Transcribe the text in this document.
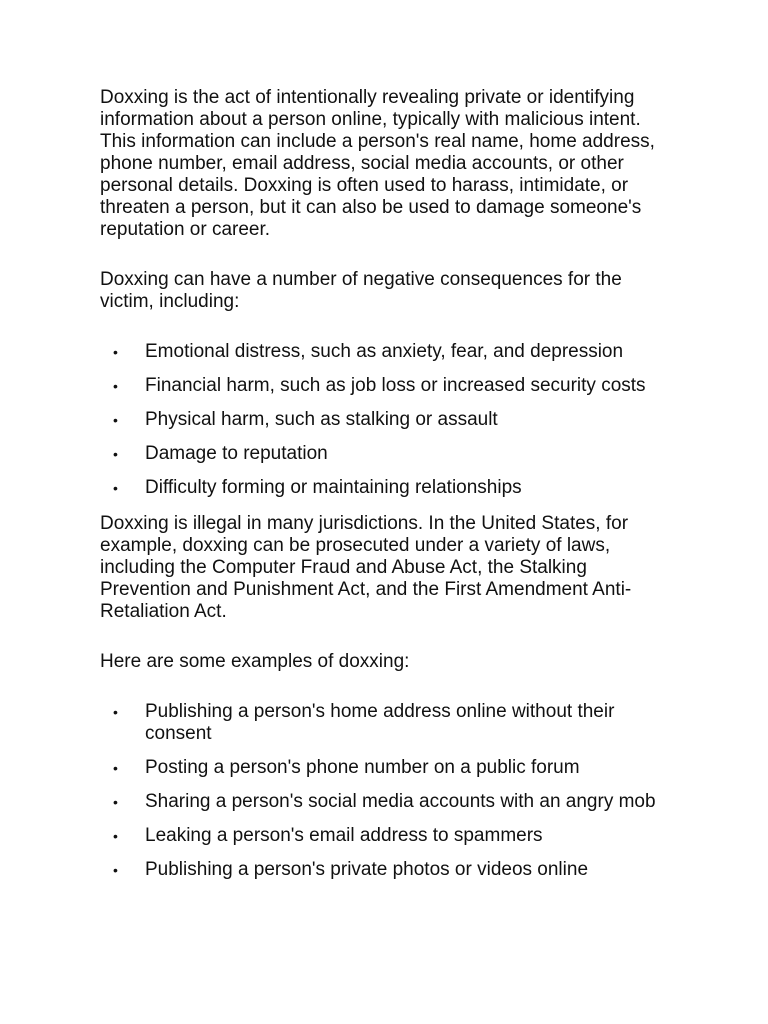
Doxxing is the act of intentionally revealing private or identifying information about a person online, typically with malicious intent. This information can include a person's real name, home address, phone number, email address, social media accounts, or other personal details. Doxxing is often used to harass, intimidate, or threaten a person, but it can also be used to damage someone's reputation or career.

Doxxing can have a number of negative consequences for the victim, including:

• Emotional distress, such as anxiety, fear, and depression
• Financial harm, such as job loss or increased security costs
• Physical harm, such as stalking or assault
• Damage to reputation
• Difficulty forming or maintaining relationships

Doxxing is illegal in many jurisdictions. In the United States, for example, doxxing can be prosecuted under a variety of laws, including the Computer Fraud and Abuse Act, the Stalking Prevention and Punishment Act, and the First Amendment Anti-Retaliation Act.

Here are some examples of doxxing:

• Publishing a person's home address online without their consent
• Posting a person's phone number on a public forum
• Sharing a person's social media accounts with an angry mob
• Leaking a person's email address to spammers
• Publishing a person's private photos or videos online
